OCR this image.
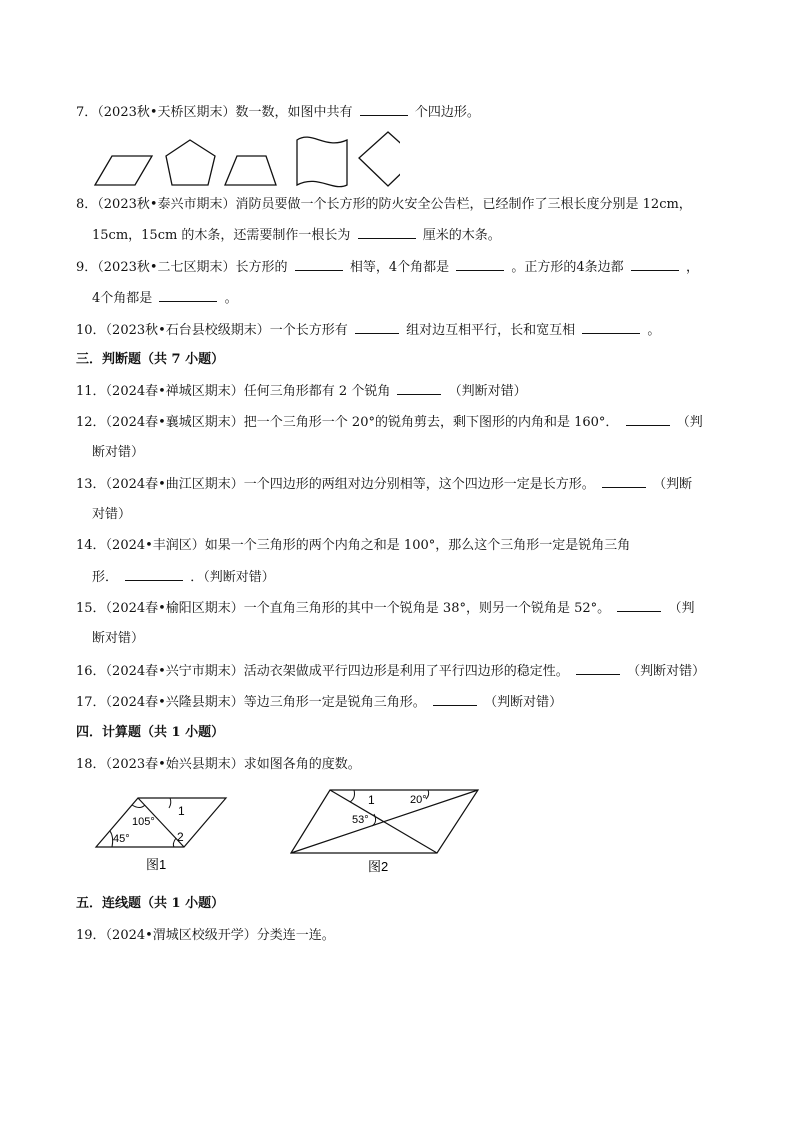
7．（2023秋•天桥区期末）数一数，如图中共有	个四边形。
8．（2023秋•泰兴市期末）消防员要做一个长方形的防火安全公告栏，已经制作了三根长度分别是 12cm，
15cm，15cm 的木条，还需要制作一根长为	厘米的木条。
9．（2023秋•二七区期末）长方形的	相等，4个角都是	。正方形的4条边都	，
4个角都是	。
10．（2023秋•石台县校级期末）一个长方形有	组对边互相平行，长和宽互相	。
三．判断题（共 7 小题）
11．（2024春•禅城区期末）任何三角形都有 2 个锐角	（判断对错）
12．（2024春•襄城区期末）把一个三角形一个 20°的锐角剪去，剩下图形的内角和是 160°．	（判
断对错）
13．（2024春•曲江区期末）一个四边形的两组对边分别相等，这个四边形一定是长方形。	（判断
对错）
14．（2024•丰润区）如果一个三角形的两个内角之和是 100°，那么这个三角形一定是锐角三角
形．	．（判断对错）
15．（2024春•榆阳区期末）一个直角三角形的其中一个锐角是 38°，则另一个锐角是 52°。	（判
断对错）
16．（2024春•兴宁市期末）活动衣架做成平行四边形是利用了平行四边形的稳定性。	（判断对错）
17．（2024春•兴隆县期末）等边三角形一定是锐角三角形。	（判断对错）
四．计算题（共 1 小题）
18．（2023春•始兴县期末）求如图各角的度数。
105°
45°
1
2
图1
1	20°
53°
图2
五．连线题（共 1 小题）
19．（2024•渭城区校级开学）分类连一连。
